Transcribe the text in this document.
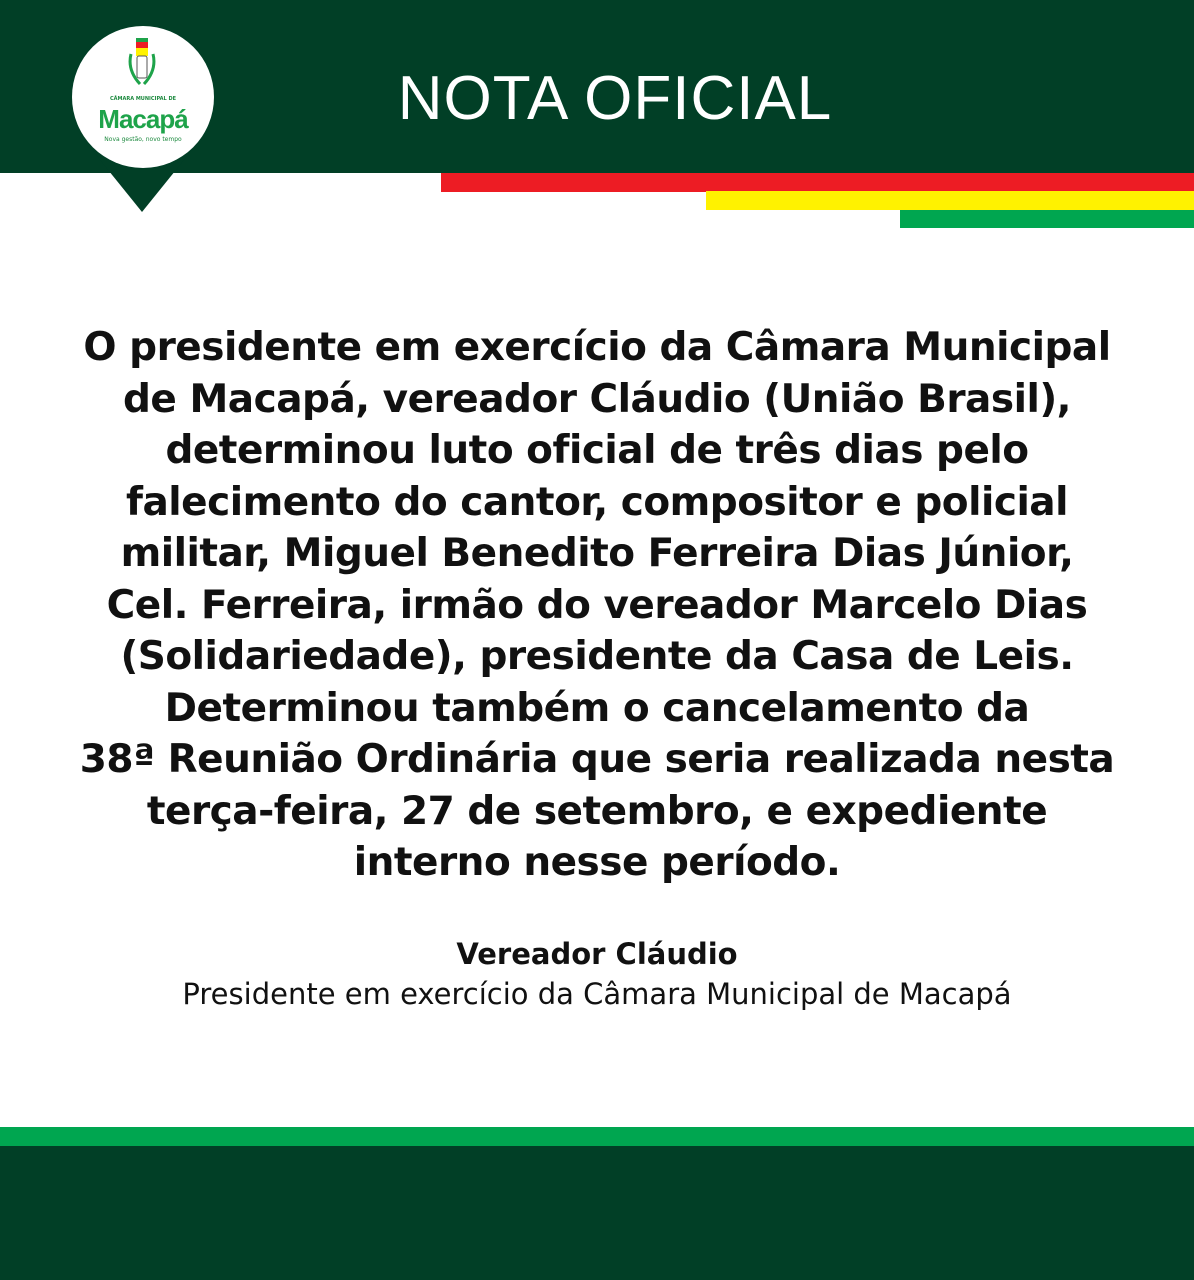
CÂMARA MUNICIPAL DE
Macapá
Nova gestão, novo tempo
NOTA OFICIAL
O presidente em exercício da Câmara Municipal
de Macapá, vereador Cláudio (União Brasil),
determinou luto oficial de três dias pelo
falecimento do cantor, compositor e policial
militar, Miguel Benedito Ferreira Dias Júnior,
Cel. Ferreira, irmão do vereador Marcelo Dias
(Solidariedade), presidente da Casa de Leis.
Determinou também o cancelamento da
38ª Reunião Ordinária que seria realizada nesta
terça-feira, 27 de setembro, e expediente
interno nesse período.
Vereador Cláudio
Presidente em exercício da Câmara Municipal de Macapá
